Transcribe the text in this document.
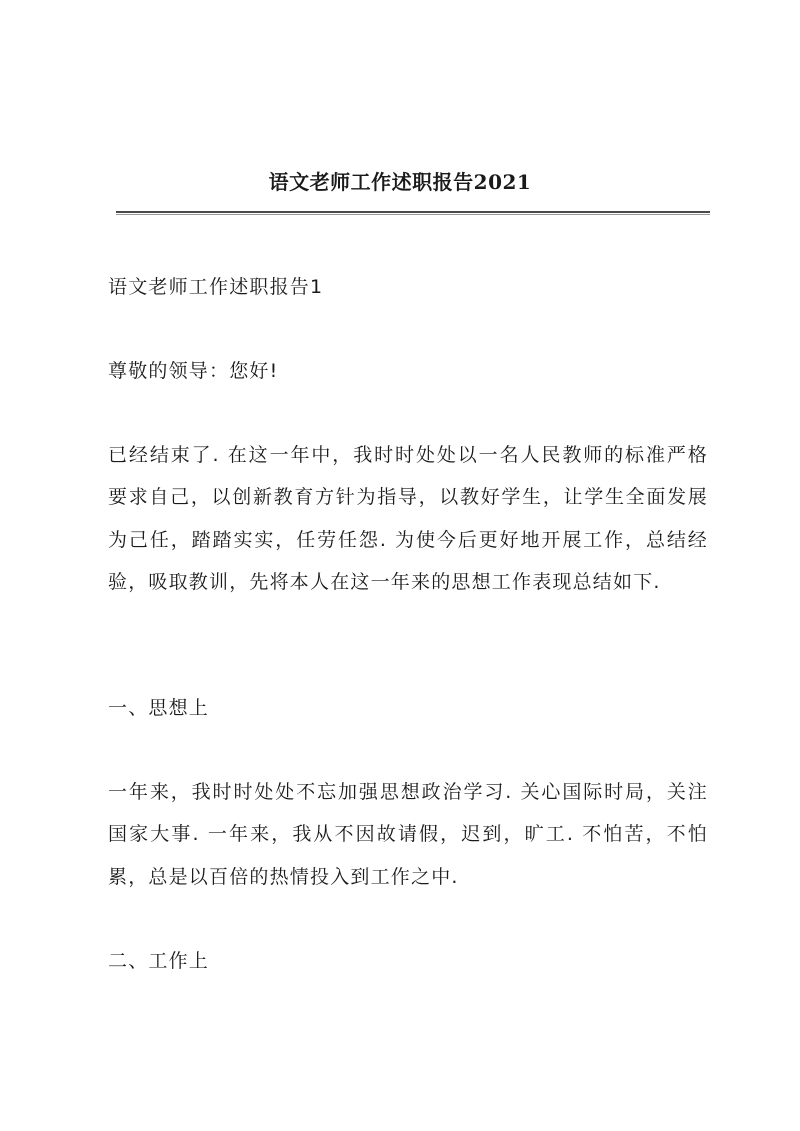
语文老师工作述职报告2021

语文老师工作述职报告1

尊敬的领导：您好!

已经结束了. 在这一年中，我时时处处以一名人民教师的标准严格要求自己，以创新教育方针为指导，以教好学生，让学生全面发展为己任，踏踏实实，任劳任怨. 为使今后更好地开展工作，总结经验，吸取教训，先将本人在这一年来的思想工作表现总结如下.

一、思想上

一年来，我时时处处不忘加强思想政治学习. 关心国际时局，关注国家大事. 一年来，我从不因故请假，迟到，旷工. 不怕苦，不怕累，总是以百倍的热情投入到工作之中.

二、工作上
